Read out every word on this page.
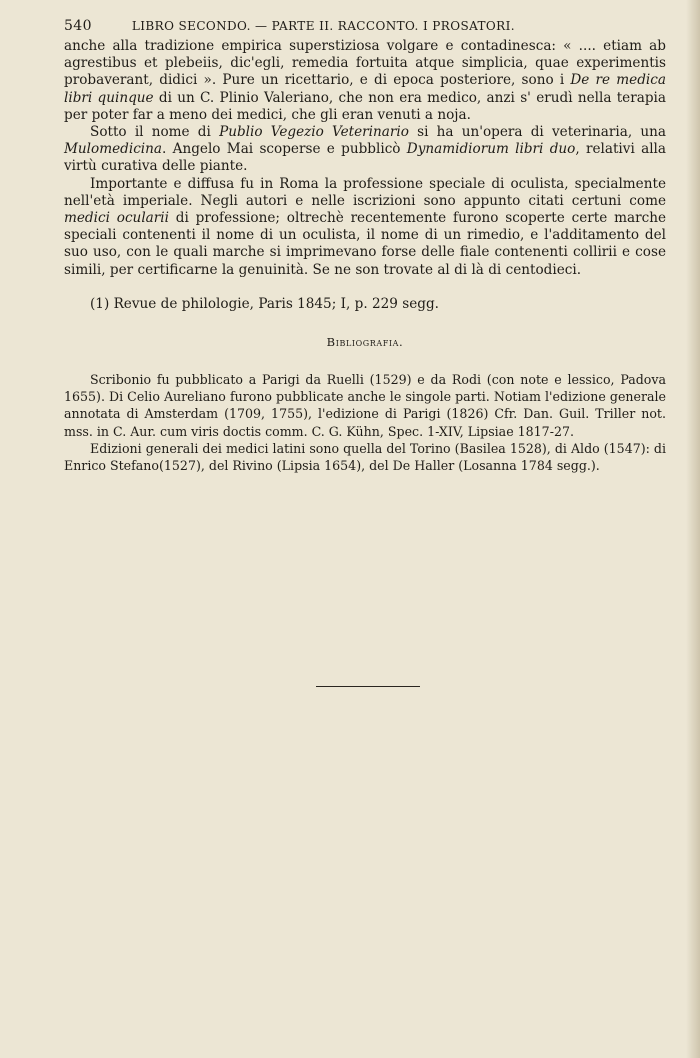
540	LIBRO SECONDO. — PARTE II. RACCONTO. I PROSATORI.

anche alla tradizione empirica superstiziosa volgare e contadinesca: « .... etiam ab agrestibus et plebeiis, dic'egli, remedia fortuita atque simplicia, quae experimentis probaverant, didici ». Pure un ricettario, e di epoca posteriore, sono i De re medica libri quinque di un C. Plinio Valeriano, che non era medico, anzi s' erudì nella terapia per poter far a meno dei medici, che gli eran venuti a noja.

Sotto il nome di Publio Vegezio Veterinario si ha un'opera di veterinaria, una Mulomedicina. Angelo Mai scoperse e pubblicò Dynamidiorum libri duo, relativi alla virtù curativa delle piante.

Importante e diffusa fu in Roma la professione speciale di oculista, specialmente nell'età imperiale. Negli autori e nelle iscrizioni sono appunto citati certuni come medici ocularii di professione; oltrechè recentemente furono scoperte certe marche speciali contenenti il nome di un oculista, il nome di un rimedio, e l'additamento del suo uso, con le quali marche si imprimevano forse delle fiale contenenti collirii e cose simili, per certificarne la genuinità. Se ne son trovate al di là di centodieci.

(1) Revue de philologie, Paris 1845; I, p. 229 segg.
Bibliografia.

Scribonio fu pubblicato a Parigi da Ruelli (1529) e da Rodi (con note e lessico, Padova 1655). Di Celio Aureliano furono pubblicate anche le singole parti. Notiam l'edizione generale annotata di Amsterdam (1709, 1755), l'edizione di Parigi (1826) Cfr. Dan. Guil. Triller not. mss. in C. Aur. cum viris doctis comm. C. G. Kühn, Spec. 1-XIV, Lipsiae 1817-27.

Edizioni generali dei medici latini sono quella del Torino (Basilea 1528), di Aldo (1547): di Enrico Stefano(1527), del Rivino (Lipsia 1654), del De Haller (Losanna 1784 segg.).
